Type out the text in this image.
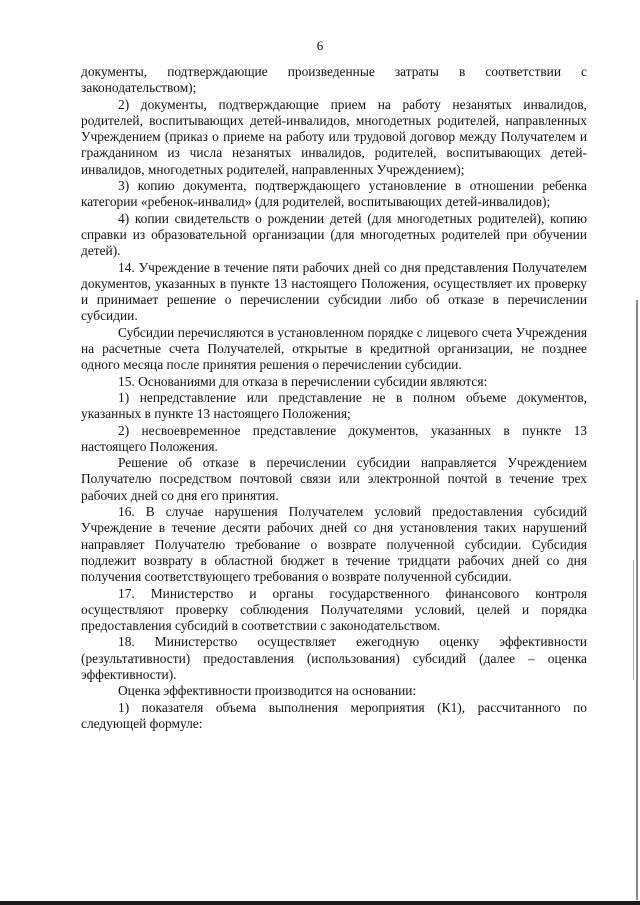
6

документы, подтверждающие произведенные затраты в соответствии с законодательством);

2) документы, подтверждающие прием на работу незанятых инвалидов, родителей, воспитывающих детей-инвалидов, многодетных родителей, направленных Учреждением (приказ о приеме на работу или трудовой договор между Получателем и гражданином из числа незанятых инвалидов, родителей, воспитывающих детей-инвалидов, многодетных родителей, направленных Учреждением);

3) копию документа, подтверждающего установление в отношении ребенка категории «ребенок-инвалид» (для родителей, воспитывающих детей-инвалидов);

4) копии свидетельств о рождении детей (для многодетных родителей), копию справки из образовательной организации (для многодетных родителей при обучении детей).

14. Учреждение в течение пяти рабочих дней со дня представления Получателем документов, указанных в пункте 13 настоящего Положения, осуществляет их проверку и принимает решение о перечислении субсидии либо об отказе в перечислении субсидии.

Субсидии перечисляются в установленном порядке с лицевого счета Учреждения на расчетные счета Получателей, открытые в кредитной организации, не позднее одного месяца после принятия решения о перечислении субсидии.

15. Основаниями для отказа в перечислении субсидии являются:

1) непредставление или представление не в полном объеме документов, указанных в пункте 13 настоящего Положения;

2) несвоевременное представление документов, указанных в пункте 13 настоящего Положения.

Решение об отказе в перечислении субсидии направляется Учреждением Получателю посредством почтовой связи или электронной почтой в течение трех рабочих дней со дня его принятия.

16. В случае нарушения Получателем условий предоставления субсидий Учреждение в течение десяти рабочих дней со дня установления таких нарушений направляет Получателю требование о возврате полученной субсидии. Субсидия подлежит возврату в областной бюджет в течение тридцати рабочих дней со дня получения соответствующего требования о возврате полученной субсидии.

17. Министерство и органы государственного финансового контроля осуществляют проверку соблюдения Получателями условий, целей и порядка предоставления субсидий в соответствии с законодательством.

18. Министерство осуществляет ежегодную оценку эффективности (результативности) предоставления (использования) субсидий (далее – оценка эффективности).

Оценка эффективности производится на основании:

1) показателя объема выполнения мероприятия (К1), рассчитанного по следующей формуле:
